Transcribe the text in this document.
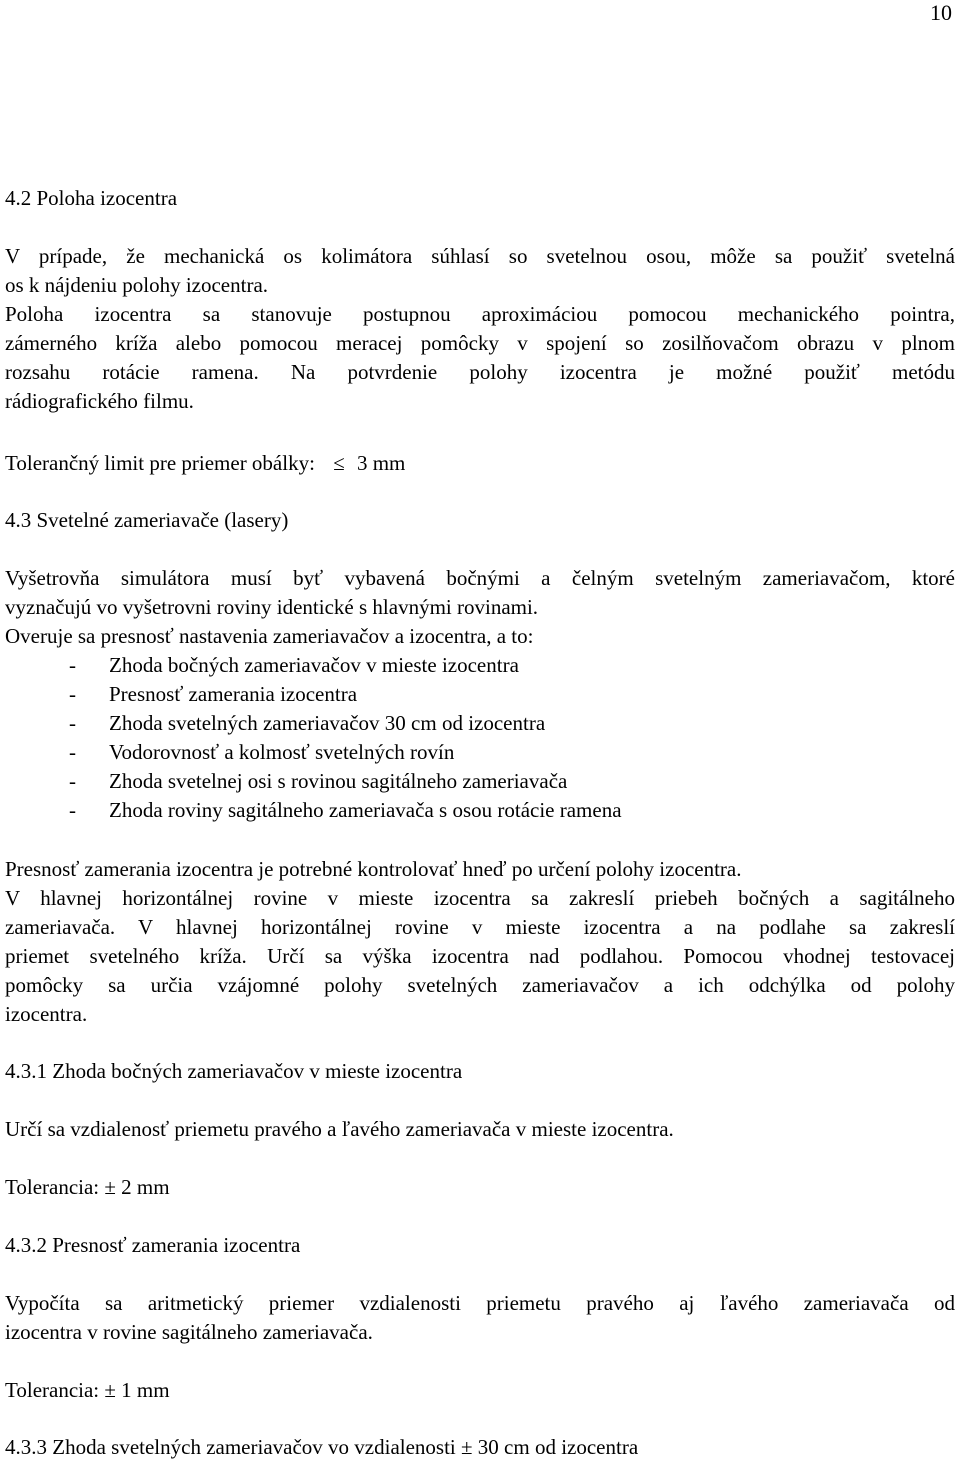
10
4.2 Poloha izocentra
V prípade, že mechanická os kolimátora súhlasí so svetelnou osou, môže sa použiť svetelná
os k nájdeniu polohy izocentra.
Poloha izocentra sa stanovuje postupnou aproximáciou pomocou mechanického pointra,
zámerného kríža alebo pomocou meracej pomôcky v spojení so zosilňovačom obrazu v plnom
rozsahu rotácie ramena. Na potvrdenie polohy izocentra je možné použiť metódu
rádiografického filmu.
Tolerančný limit pre priemer obálky: ≤ 3 mm
4.3 Svetelné zameriavače (lasery)
Vyšetrovňa simulátora musí byť vybavená bočnými a čelným svetelným zameriavačom, ktoré
vyznačujú vo vyšetrovni roviny identické s hlavnými rovinami.
Overuje sa presnosť nastavenia zameriavačov a izocentra, a to:
- Zhoda bočných zameriavačov v mieste izocentra
- Presnosť zamerania izocentra
- Zhoda svetelných zameriavačov 30 cm od izocentra
- Vodorovnosť a kolmosť svetelných rovín
- Zhoda svetelnej osi s rovinou sagitálneho zameriavača
- Zhoda roviny sagitálneho zameriavača s osou rotácie ramena
Presnosť zamerania izocentra je potrebné kontrolovať hneď po určení polohy izocentra.
V hlavnej horizontálnej rovine v mieste izocentra sa zakreslí priebeh bočných a sagitálneho
zameriavača. V hlavnej horizontálnej rovine v mieste izocentra a na podlahe sa zakreslí
priemet svetelného kríža. Určí sa výška izocentra nad podlahou. Pomocou vhodnej testovacej
pomôcky sa určia vzájomné polohy svetelných zameriavačov a ich odchýlka od polohy
izocentra.
4.3.1 Zhoda bočných zameriavačov v mieste izocentra
Určí sa vzdialenosť priemetu pravého a ľavého zameriavača v mieste izocentra.
Tolerancia: ± 2 mm
4.3.2 Presnosť zamerania izocentra
Vypočíta sa aritmetický priemer vzdialenosti priemetu pravého aj ľavého zameriavača od
izocentra v rovine sagitálneho zameriavača.
Tolerancia: ± 1 mm
4.3.3 Zhoda svetelných zameriavačov vo vzdialenosti ± 30 cm od izocentra
